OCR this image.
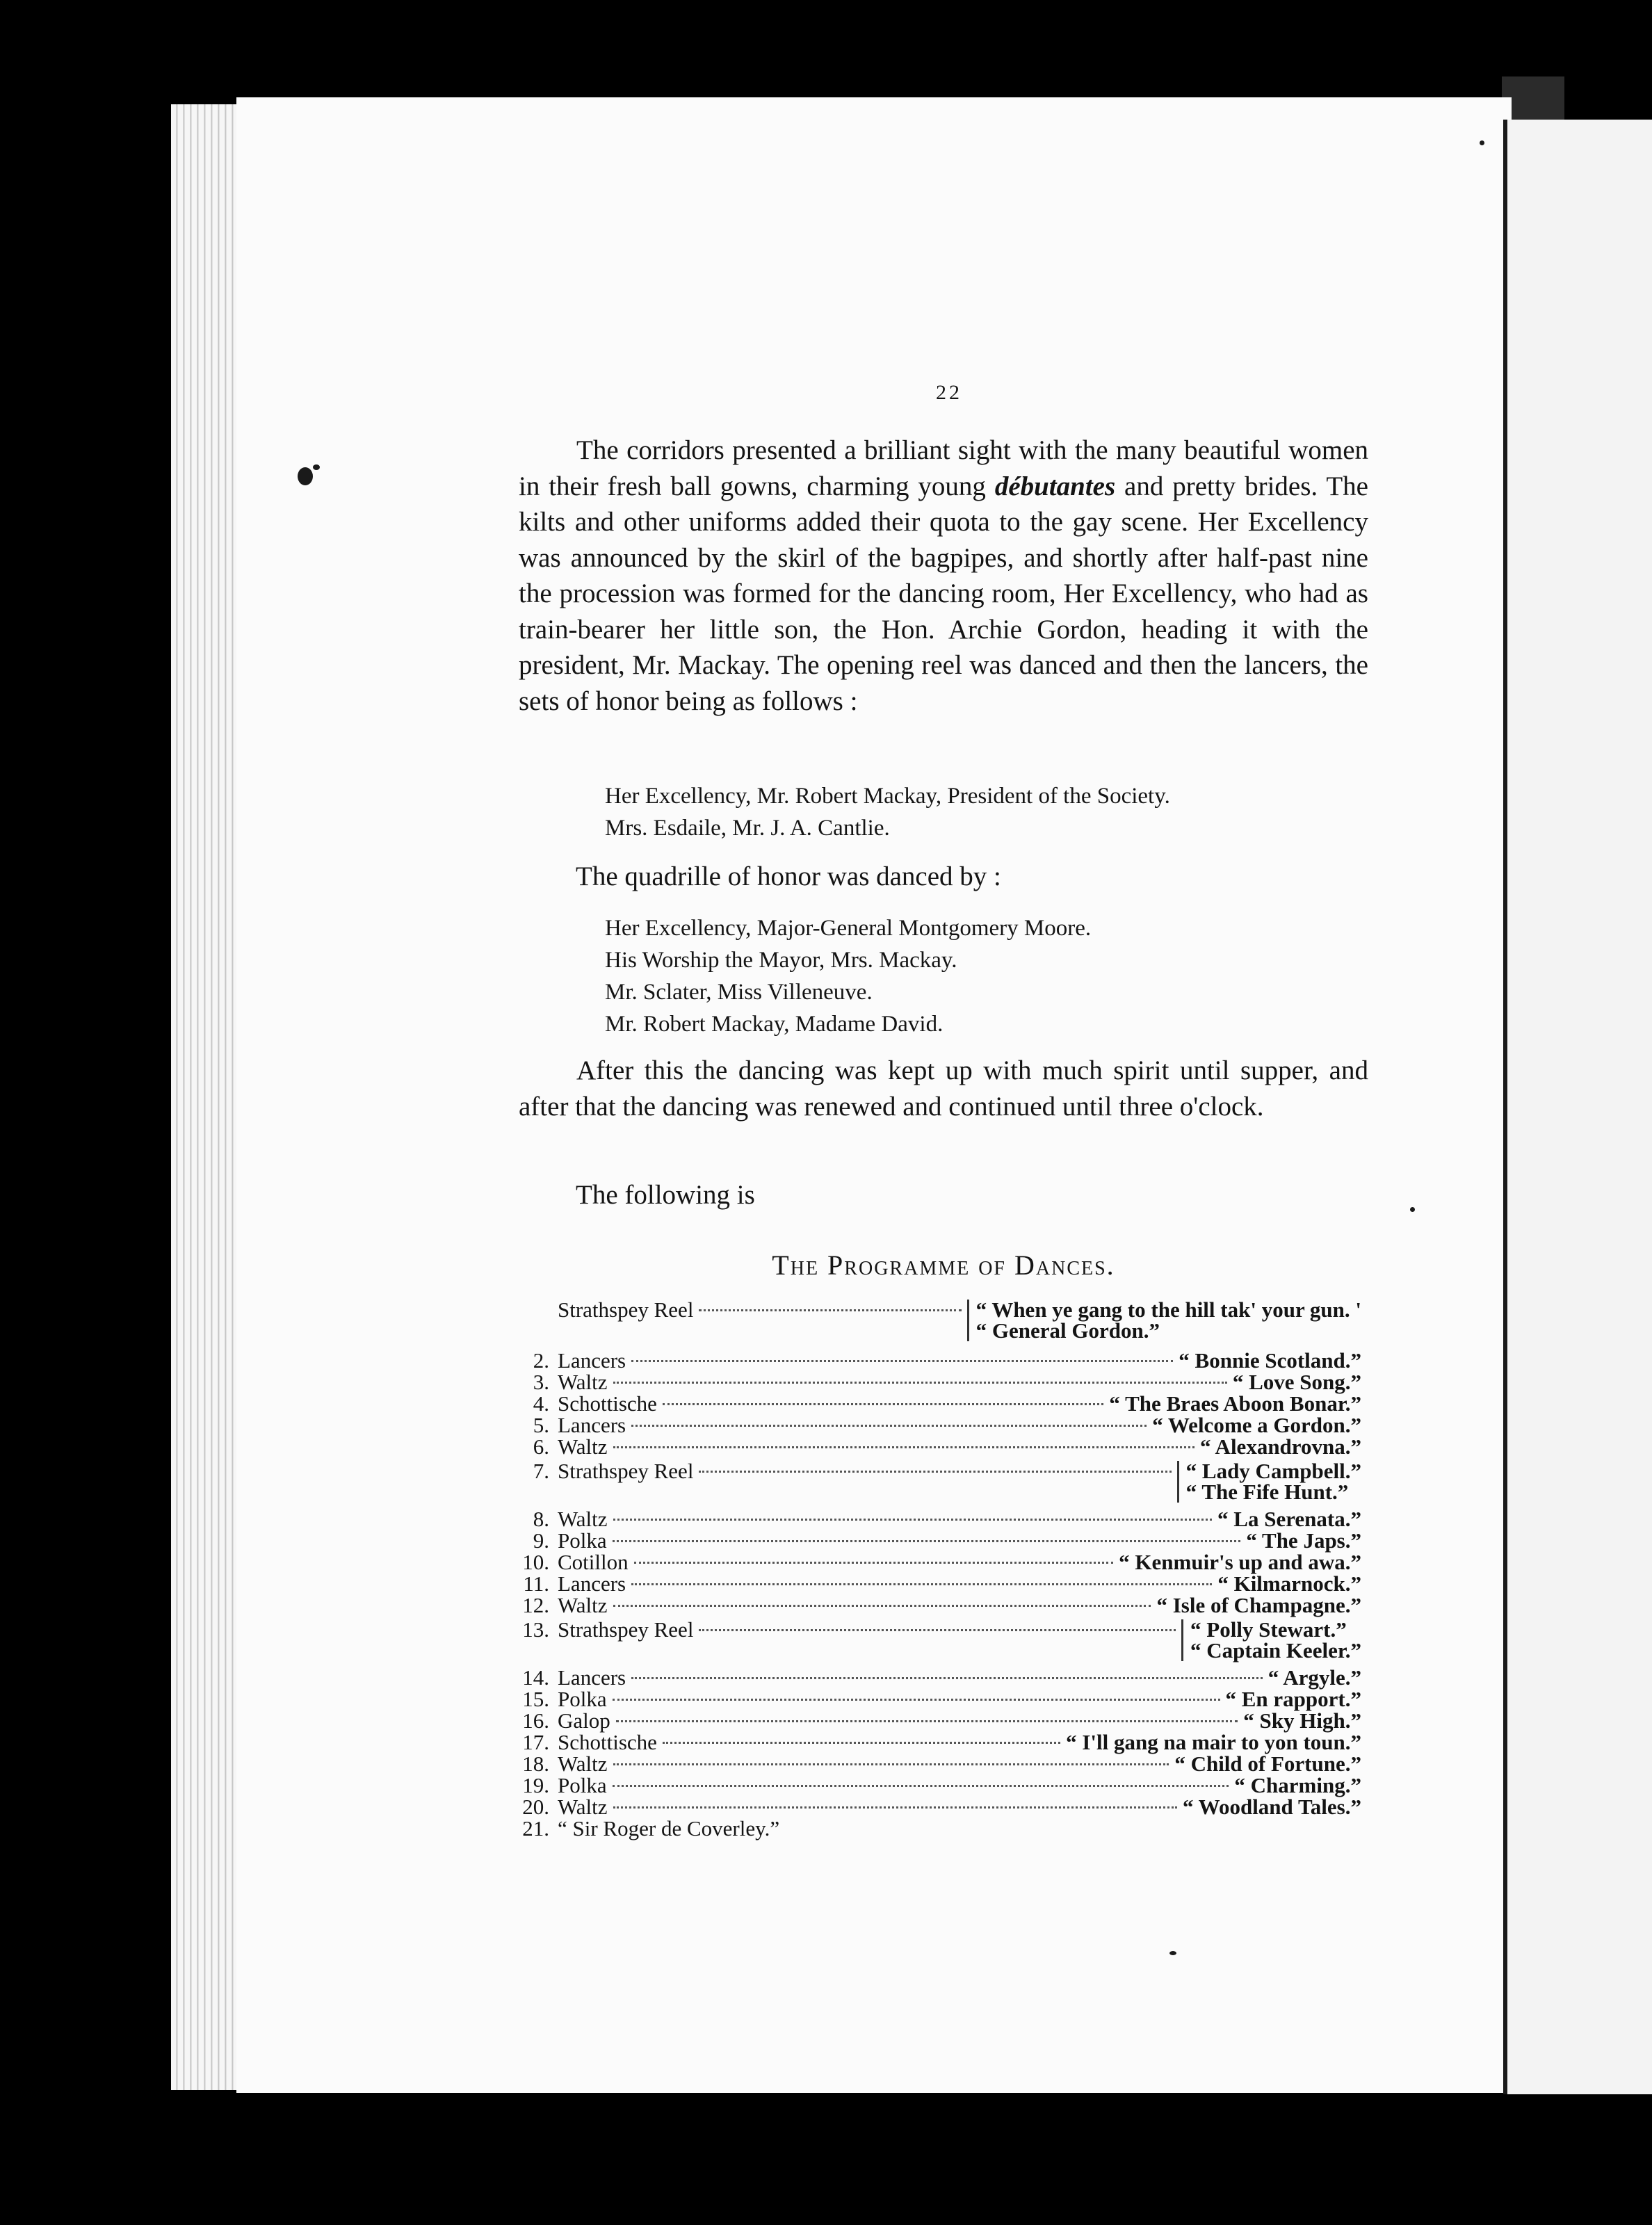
22

The corridors presented a brilliant sight with the many beautiful women in their fresh ball gowns, charming young débutantes and pretty brides. The kilts and other uniforms added their quota to the gay scene. Her Excellency was announced by the skirl of the bagpipes, and shortly after half-past nine the procession was formed for the dancing room, Her Excellency, who had as train-bearer her little son, the Hon. Archie Gordon, heading it with the president, Mr. Mackay. The opening reel was danced and then the lancers, the sets of honor being as follows :

Her Excellency, Mr. Robert Mackay, President of the Society.
Mrs. Esdaile, Mr. J. A. Cantlie.
The quadrille of honor was danced by :
Her Excellency, Major-General Montgomery Moore.
His Worship the Mayor, Mrs. Mackay.
Mr. Sclater, Miss Villeneuve.
Mr. Robert Mackay, Madame David.

After this the dancing was kept up with much spirit until supper, and after that the dancing was renewed and continued until three o'clock.

The following is
The Programme of Dances.
Strathspey Reel	“ When ye gang to the hill tak' your gun. '
“ General Gordon.”
2. Lancers	“ Bonnie Scotland.”
3. Waltz	“ Love Song.”
4. Schottische	“ The Braes Aboon Bonar.”
5. Lancers	“ Welcome a Gordon.”
6. Waltz	“ Alexandrovna.”
7. Strathspey Reel	“ Lady Campbell.”
“ The Fife Hunt.”
8. Waltz	“ La Serenata.”
9. Polka	“ The Japs.”
10. Cotillon	“ Kenmuir's up and awa.”
11. Lancers	“ Kilmarnock.”
12. Waltz	“ Isle of Champagne.”
13. Strathspey Reel	“ Polly Stewart.”
“ Captain Keeler.”
14. Lancers	“ Argyle.”
15. Polka	“ En rapport.”
16. Galop	“ Sky High.”
17. Schottische	“ I'll gang na mair to yon toun.”
18. Waltz	“ Child of Fortune.”
19. Polka	“ Charming.”
20. Waltz	“ Woodland Tales.”
21. “ Sir Roger de Coverley.”
